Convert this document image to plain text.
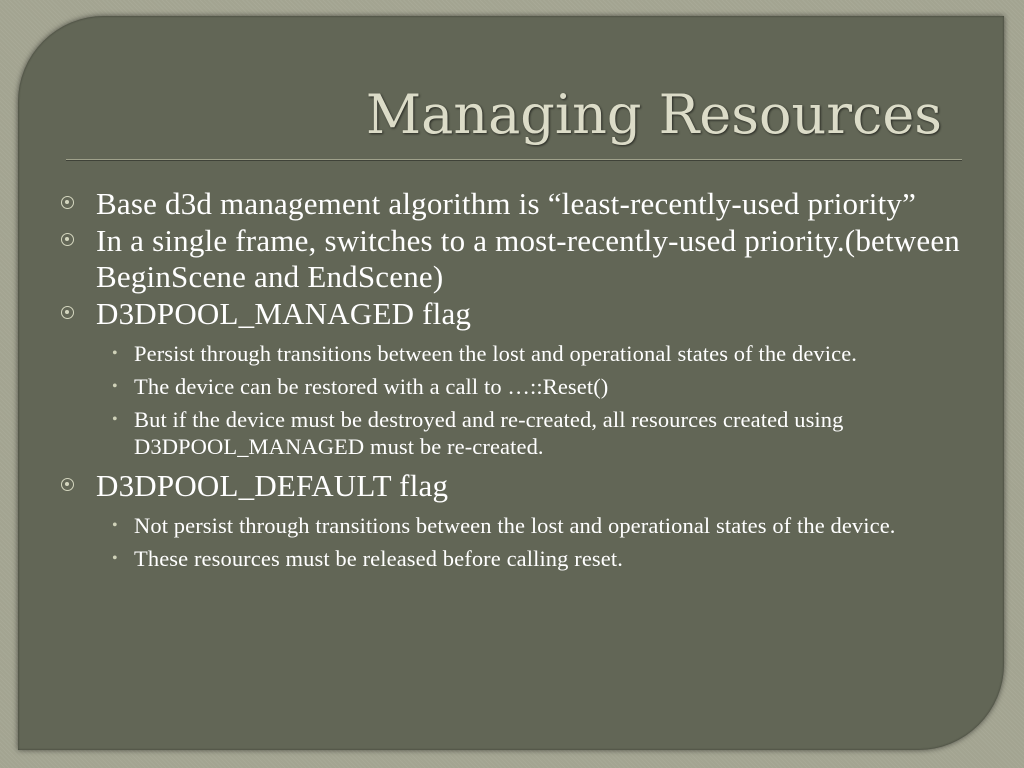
Managing Resources
Base d3d management algorithm is “least-recently-used priority”
In a single frame, switches to a most-recently-used priority.(between BeginScene and EndScene)
D3DPOOL_MANAGED flag
• Persist through transitions between the lost and operational states of the device.
• The device can be restored with a call to …::Reset()
• But if the device must be destroyed and re-created, all resources created using D3DPOOL_MANAGED must be re-created.
D3DPOOL_DEFAULT flag
• Not persist through transitions between the lost and operational states of the device.
• These resources must be released before calling reset.
